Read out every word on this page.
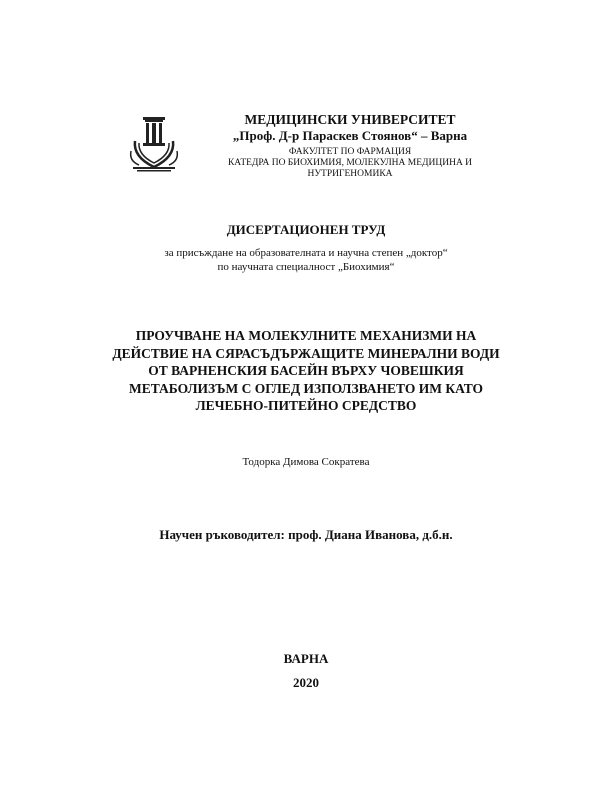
МЕДИЦИНСКИ УНИВЕРСИТЕТ
„Проф. Д-р Параскев Стоянов“ – Варна
ФАКУЛТЕТ ПО ФАРМАЦИЯ
КАТЕДРА ПО БИОХИМИЯ, МОЛЕКУЛНА МЕДИЦИНА И
НУТРИГЕНОМИКА
ДИСЕРТАЦИОНЕН ТРУД
за присъждане на образователната и научна степен „доктор“
по научната специалност „Биохимия“
ПРОУЧВАНЕ НА МОЛЕКУЛНИТЕ МЕХАНИЗМИ НА
ДЕЙСТВИЕ НА СЯРАСЪДЪРЖАЩИТЕ МИНЕРАЛНИ ВОДИ
ОТ ВАРНЕНСКИЯ БАСЕЙН ВЪРХУ ЧОВЕШКИЯ
МЕТАБОЛИЗЪМ С ОГЛЕД ИЗПОЛЗВАНЕТО ИМ КАТО
ЛЕЧЕБНО-ПИТЕЙНО СРЕДСТВО
Тодорка Димова Сократева
Научен ръководител: проф. Диана Иванова, д.б.н.
ВАРНА
2020
